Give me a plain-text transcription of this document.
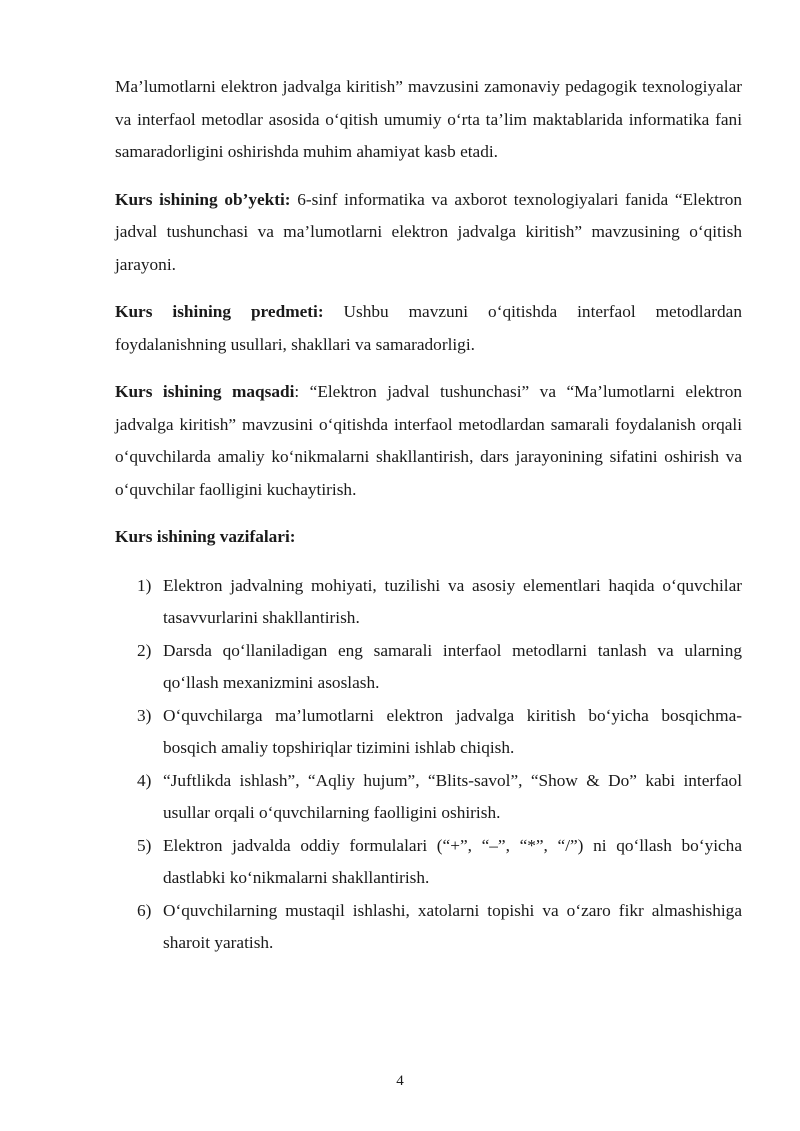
Ma’lumotlarni elektron jadvalga kiritish” mavzusini zamonaviy pedagogik texnologiyalar va interfaol metodlar asosida o‘qitish umumiy o‘rta ta’lim maktablarida informatika fani samaradorligini oshirishda muhim ahamiyat kasb etadi.

Kurs ishining ob’yekti: 6-sinf informatika va axborot texnologiyalari fanida “Elektron jadval tushunchasi va ma’lumotlarni elektron jadvalga kiritish” mavzusining o‘qitish jarayoni.

Kurs ishining predmeti: Ushbu mavzuni o‘qitishda interfaol metodlardan foydalanishning usullari, shakllari va samaradorligi.

Kurs ishining maqsadi: “Elektron jadval tushunchasi” va “Ma’lumotlarni elektron jadvalga kiritish” mavzusini o‘qitishda interfaol metodlardan samarali foydalanish orqali o‘quvchilarda amaliy ko‘nikmalarni shakllantirish, dars jarayonining sifatini oshirish va o‘quvchilar faolligini kuchaytirish.

Kurs ishining vazifalari:
1) Elektron jadvalning mohiyati, tuzilishi va asosiy elementlari haqida o‘quvchilar tasavvurlarini shakllantirish.
2) Darsda qo‘llaniladigan eng samarali interfaol metodlarni tanlash va ularning qo‘llash mexanizmini asoslash.
3) O‘quvchilarga ma’lumotlarni elektron jadvalga kiritish bo‘yicha bosqichma-bosqich amaliy topshiriqlar tizimini ishlab chiqish.
4) “Juftlikda ishlash”, “Aqliy hujum”, “Blits-savol”, “Show & Do” kabi interfaol usullar orqali o‘quvchilarning faolligini oshirish.
5) Elektron jadvalda oddiy formulalari (“+”, “–”, “*”, “/”) ni qo‘llash bo‘yicha dastlabki ko‘nikmalarni shakllantirish.
6) O‘quvchilarning mustaqil ishlashi, xatolarni topishi va o‘zaro fikr almashishiga sharoit yaratish.
4
